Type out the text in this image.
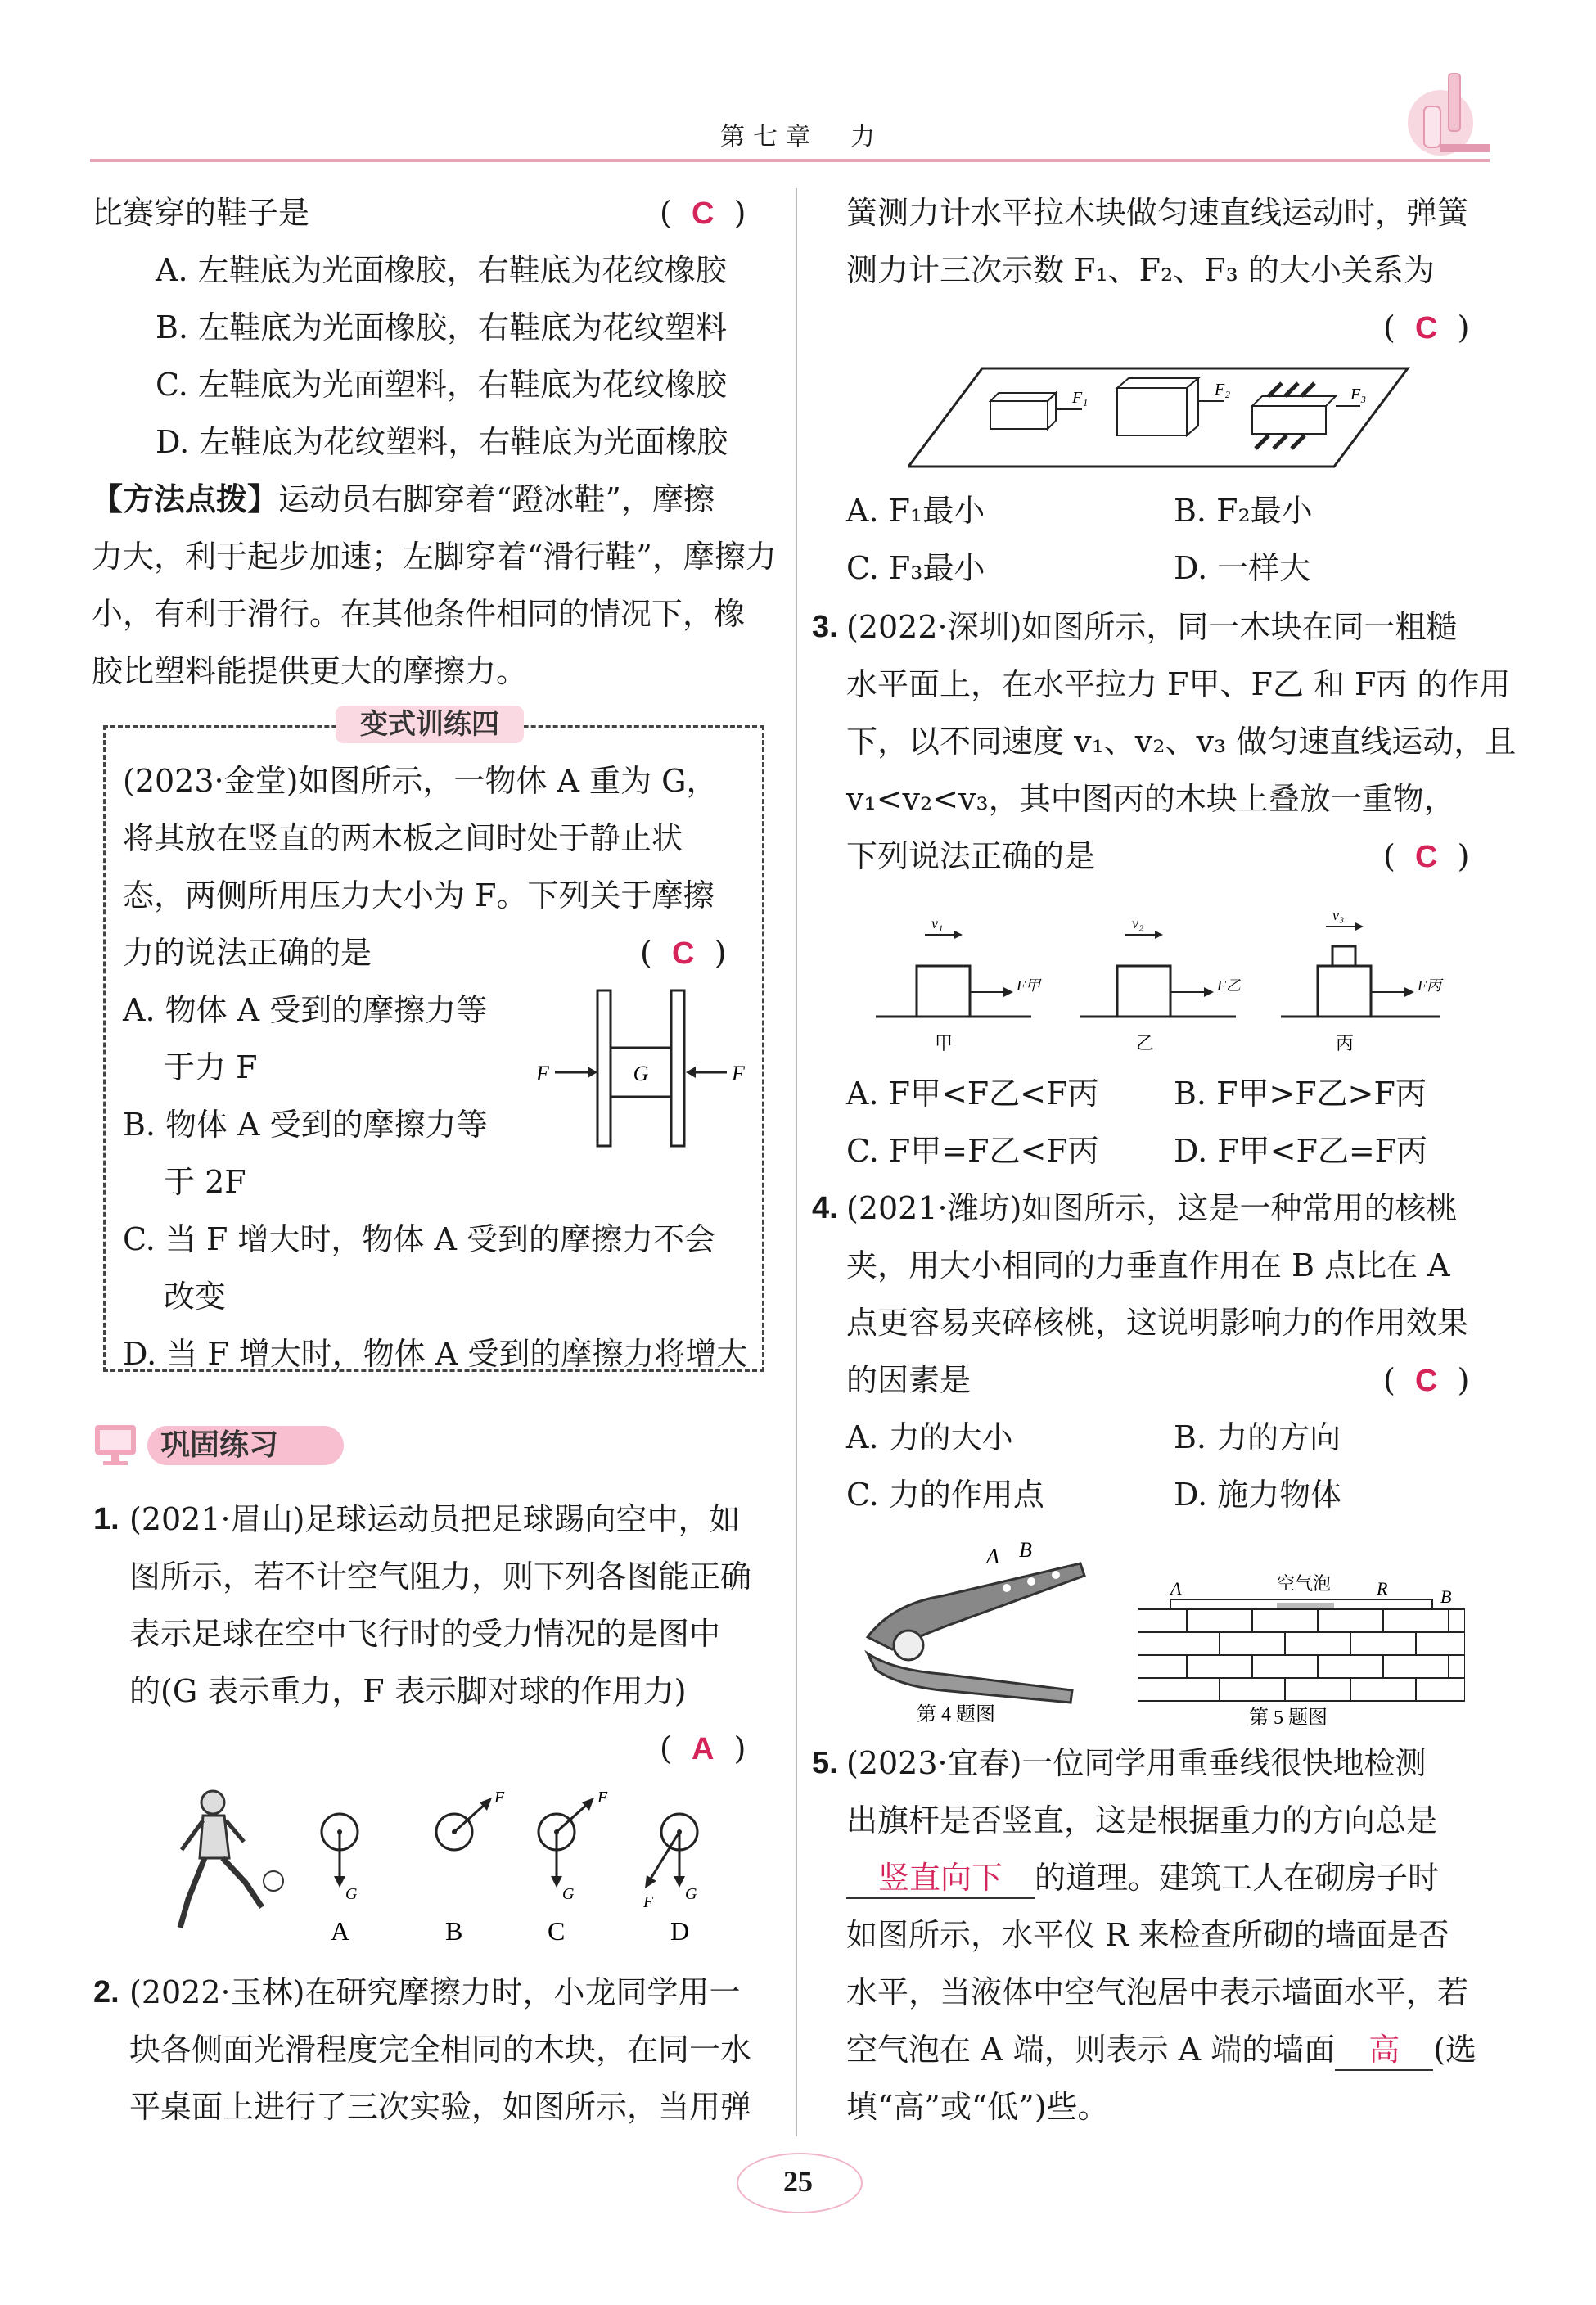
第七章 力
比赛穿的鞋子是	(  C  )
A. 左鞋底为光面橡胶，右鞋底为花纹橡胶
B. 左鞋底为光面橡胶，右鞋底为花纹塑料
C. 左鞋底为光面塑料，右鞋底为花纹橡胶
D. 左鞋底为花纹塑料，右鞋底为光面橡胶
【方法点拨】运动员右脚穿着“蹬冰鞋”，摩擦
力大，利于起步加速；左脚穿着“滑行鞋”，摩擦力
小，有利于滑行。在其他条件相同的情况下，橡
胶比塑料能提供更大的摩擦力。
变式训练四
(2023·金堂)如图所示，一物体 A 重为 G，
将其放在竖直的两木板之间时处于静止状
态，两侧所用压力大小为 F。下列关于摩擦
力的说法正确的是	(  C  )
A. 物体 A 受到的摩擦力等
于力 F
B. 物体 A 受到的摩擦力等
于 2F
C. 当 F 增大时，物体 A 受到的摩擦力不会
改变
D. 当 F 增大时，物体 A 受到的摩擦力将增大
G
F	F
巩固练习
1. (2021·眉山)足球运动员把足球踢向空中，如
图所示，若不计空气阻力，则下列各图能正确
表示足球在空中飞行时的受力情况的是图中
的(G 表示重力，F 表示脚对球的作用力)
(  A  )
G
A
F
B
F
G
C
F G
D
2. (2022·玉林)在研究摩擦力时，小龙同学用一
块各侧面光滑程度完全相同的木块，在同一水
平桌面上进行了三次实验，如图所示，当用弹
簧测力计水平拉木块做匀速直线运动时，弹簧
测力计三次示数 F₁、F₂、F₃ 的大小关系为
(  C  )
F₁	F₂	F₃
A. F₁最小	B. F₂最小
C. F₃最小	D. 一样大
3. (2022·深圳)如图所示，同一木块在同一粗糙
水平面上，在水平拉力 F甲、F乙 和 F丙 的作用
下，以不同速度 v₁、v₂、v₃ 做匀速直线运动，且
v₁<v₂<v₃，其中图丙的木块上叠放一重物，
下列说法正确的是	(  C  )
v₁
F甲
甲
v₂
F乙
乙
v₃
F丙
丙
A. F甲<F乙<F丙 B. F甲>F乙>F丙
C. F甲=F乙<F丙 D. F甲<F乙=F丙
4. (2021·潍坊)如图所示，这是一种常用的核桃
夹，用大小相同的力垂直作用在 B 点比在 A
点更容易夹碎核桃，这说明影响力的作用效果
的因素是	(  C  )
A. 力的大小	B. 力的方向
C. 力的作用点	D. 施力物体
A B
第 4 题图
A	空气泡	R	B
第 5 题图
5. (2023·宜春)一位同学用重垂线很快地检测
出旗杆是否竖直，这是根据重力的方向总是
竖直向下 的道理。建筑工人在砌房子时
如图所示，水平仪 R 来检查所砌的墙面是否
水平，当液体中空气泡居中表示墙面水平，若
空气泡在 A 端，则表示 A 端的墙面 高 (选
填“高”或“低”)些。
25
